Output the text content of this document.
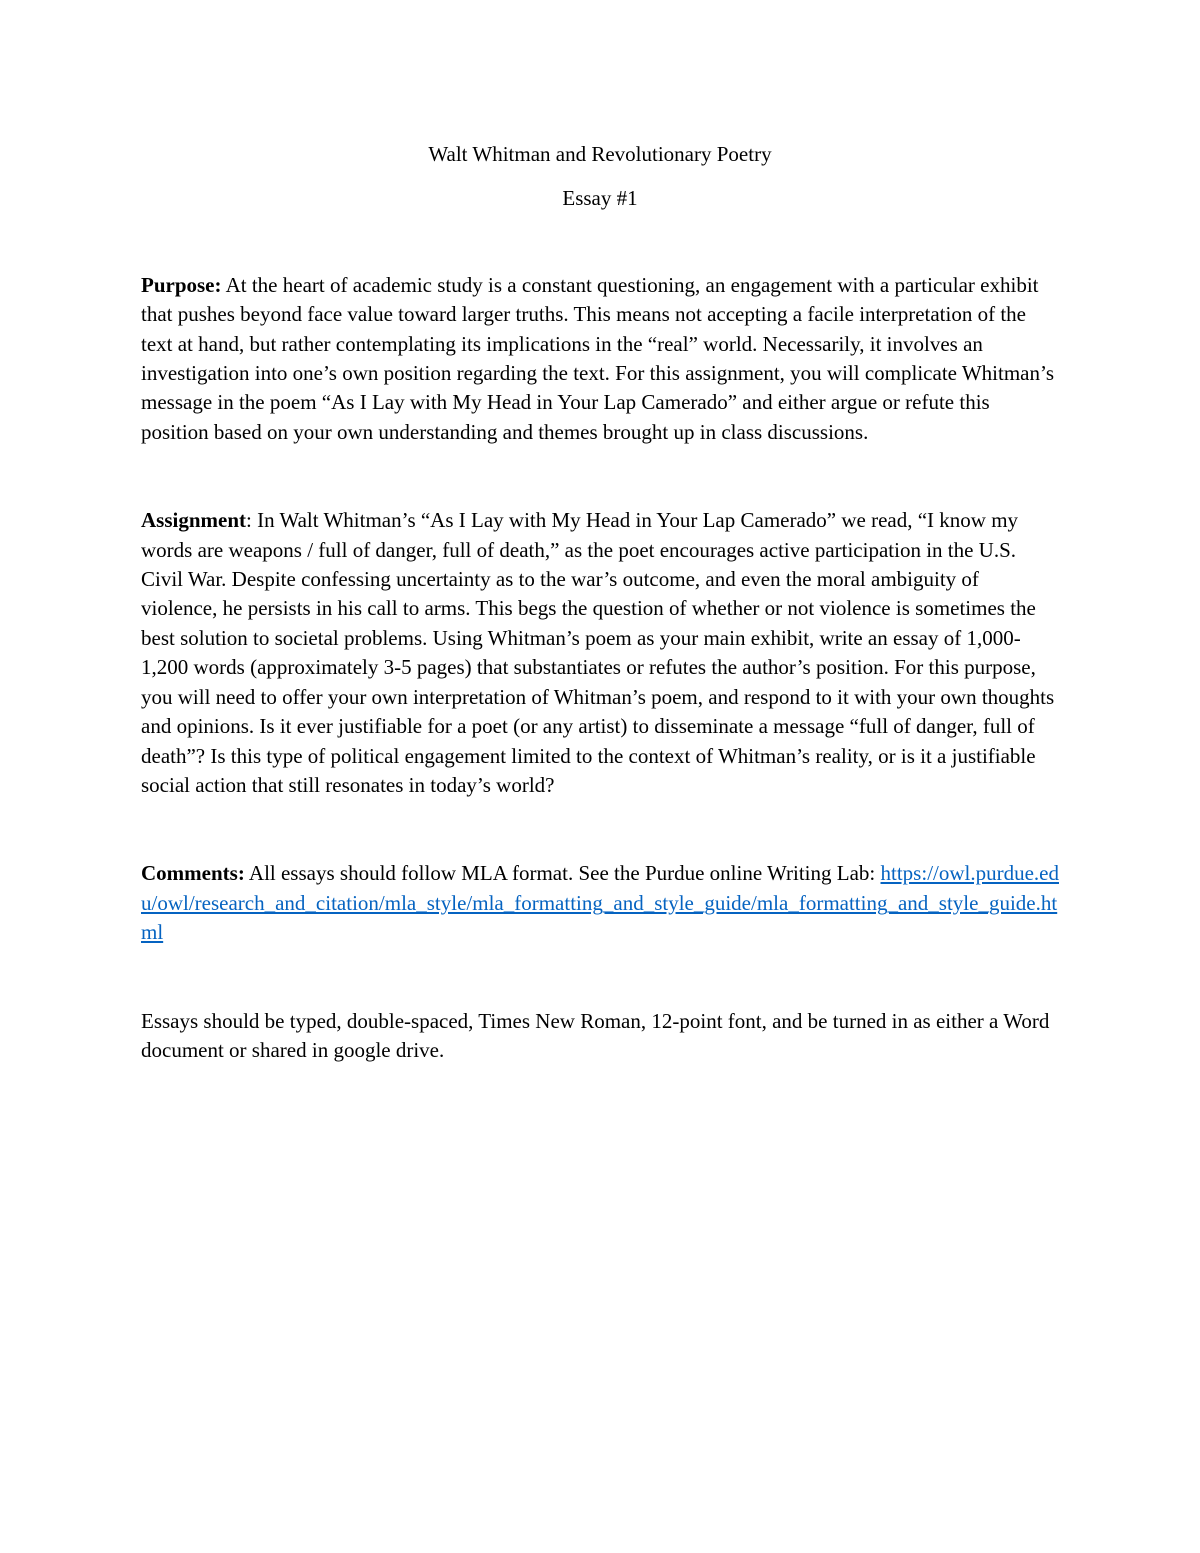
Walt Whitman and Revolutionary Poetry

Essay #1

Purpose: At the heart of academic study is a constant questioning, an engagement with a particular exhibit that pushes beyond face value toward larger truths. This means not accepting a facile interpretation of the text at hand, but rather contemplating its implications in the “real” world. Necessarily, it involves an investigation into one’s own position regarding the text. For this assignment, you will complicate Whitman’s message in the poem “As I Lay with My Head in Your Lap Camerado” and either argue or refute this position based on your own understanding and themes brought up in class discussions.

Assignment: In Walt Whitman’s “As I Lay with My Head in Your Lap Camerado” we read, “I know my words are weapons / full of danger, full of death,” as the poet encourages active participation in the U.S. Civil War. Despite confessing uncertainty as to the war’s outcome, and even the moral ambiguity of violence, he persists in his call to arms. This begs the question of whether or not violence is sometimes the best solution to societal problems. Using Whitman’s poem as your main exhibit, write an essay of 1,000-1,200 words (approximately 3-5 pages) that substantiates or refutes the author’s position. For this purpose, you will need to offer your own interpretation of Whitman’s poem, and respond to it with your own thoughts and opinions. Is it ever justifiable for a poet (or any artist) to disseminate a message “full of danger, full of death”? Is this type of political engagement limited to the context of Whitman’s reality, or is it a justifiable social action that still resonates in today’s world?

Comments: All essays should follow MLA format. See the Purdue online Writing Lab: https://owl.purdue.edu/owl/research_and_citation/mla_style/mla_formatting_and_style_guide/mla_formatting_and_style_guide.html

Essays should be typed, double-spaced, Times New Roman, 12-point font, and be turned in as either a Word document or shared in google drive.
